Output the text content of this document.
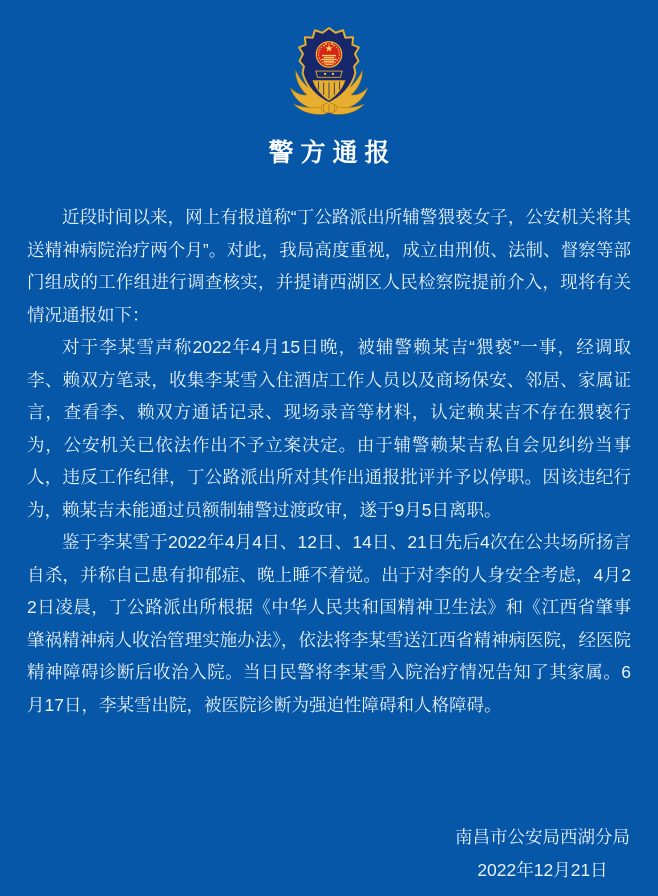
警方通报

近段时间以来，网上有报道称“丁公路派出所辅警猥亵女子，公安机关将其送精神病院治疗两个月”。对此，我局高度重视，成立由刑侦、法制、督察等部门组成的工作组进行调查核实，并提请西湖区人民检察院提前介入，现将有关情况通报如下：

对于李某雪声称2022年4月15日晚，被辅警赖某吉“猥亵”一事，经调取李、赖双方笔录，收集李某雪入住酒店工作人员以及商场保安、邻居、家属证言，查看李、赖双方通话记录、现场录音等材料，认定赖某吉不存在猥亵行为，公安机关已依法作出不予立案决定。由于辅警赖某吉私自会见纠纷当事人，违反工作纪律，丁公路派出所对其作出通报批评并予以停职。因该违纪行为，赖某吉未能通过员额制辅警过渡政审，遂于9月5日离职。

鉴于李某雪于2022年4月4日、12日、14日、21日先后4次在公共场所扬言自杀，并称自己患有抑郁症、晚上睡不着觉。出于对李的人身安全考虑，4月22日凌晨，丁公路派出所根据《中华人民共和国精神卫生法》和《江西省肇事肇祸精神病人收治管理实施办法》，依法将李某雪送江西省精神病医院，经医院精神障碍诊断后收治入院。当日民警将李某雪入院治疗情况告知了其家属。6月17日，李某雪出院，被医院诊断为强迫性障碍和人格障碍。

南昌市公安局西湖分局
2022年12月21日
